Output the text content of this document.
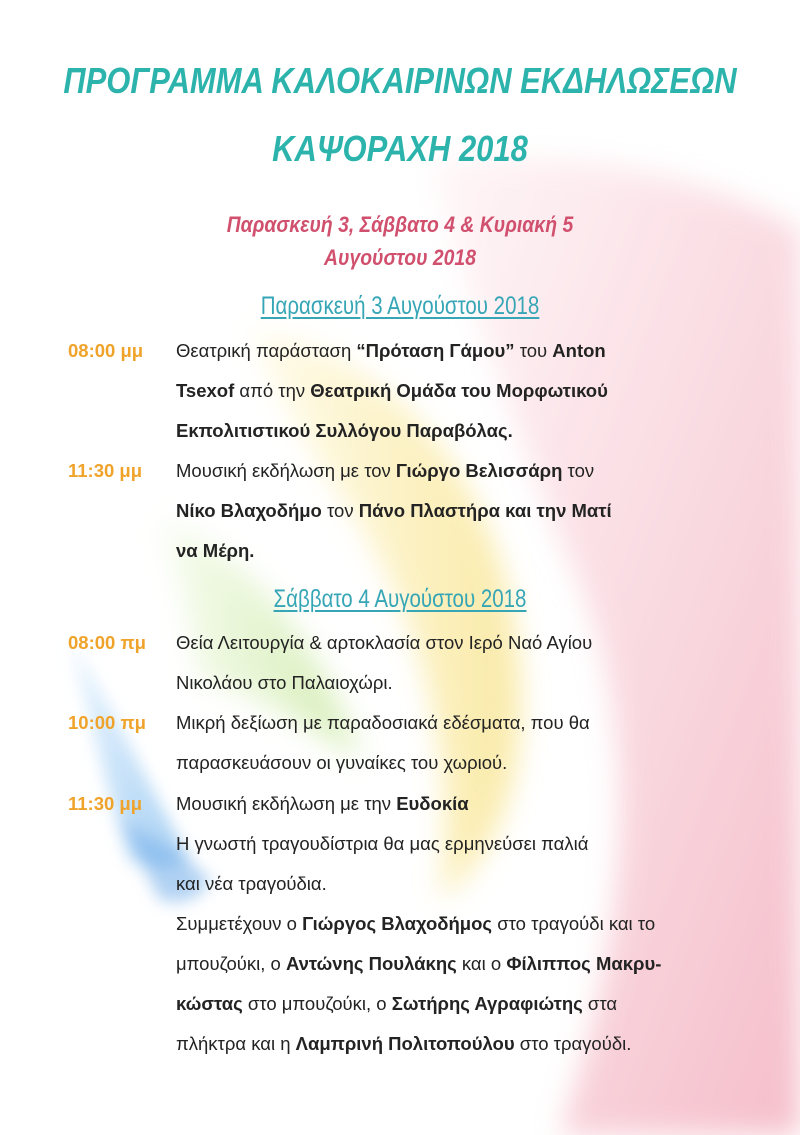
ΠΡΟΓΡΑΜΜΑ ΚΑΛΟΚΑΙΡΙΝΩΝ ΕΚΔΗΛΩΣΕΩΝ
ΚΑΨΟΡΑΧΗ 2018
Παρασκευή 3, Σάββατο 4 & Κυριακή 5
Αυγούστου 2018
Παρασκευή 3 Αυγούστου 2018
Σάββατο 4 Αυγούστου 2018
08:00 μμ Θεατρική παράσταση “Πρόταση Γάμου” του Anton
Tsexof από την Θεατρική Ομάδα του Μορφωτικού
Εκπολιτιστικού Συλλόγου Παραβόλας.
11:30 μμ Μουσική εκδήλωση με τον Γιώργο Βελισσάρη τον
Νίκο Βλαχοδήμο τον Πάνο Πλαστήρα και την Ματί
να Μέρη.
08:00 πμ Θεία Λειτουργία & αρτοκλασία στον Ιερό Ναό Αγίου
Νικολάου στο Παλαιοχώρι.
10:00 πμ Μικρή δεξίωση με παραδοσιακά εδέσματα, που θα
παρασκευάσουν οι γυναίκες του χωριού.
11:30 μμ Μουσική εκδήλωση με την Ευδοκία
Η γνωστή τραγουδίστρια θα μας ερμηνεύσει παλιά
και νέα τραγούδια.
Συμμετέχουν ο Γιώργος Βλαχοδήμος στο τραγούδι και το
μπουζούκι, ο Αντώνης Πουλάκης και ο Φίλιππος Μακρυ-
κώστας στο μπουζούκι, ο Σωτήρης Αγραφιώτης στα
πλήκτρα και η Λαμπρινή Πολιτοπούλου στο τραγούδι.
